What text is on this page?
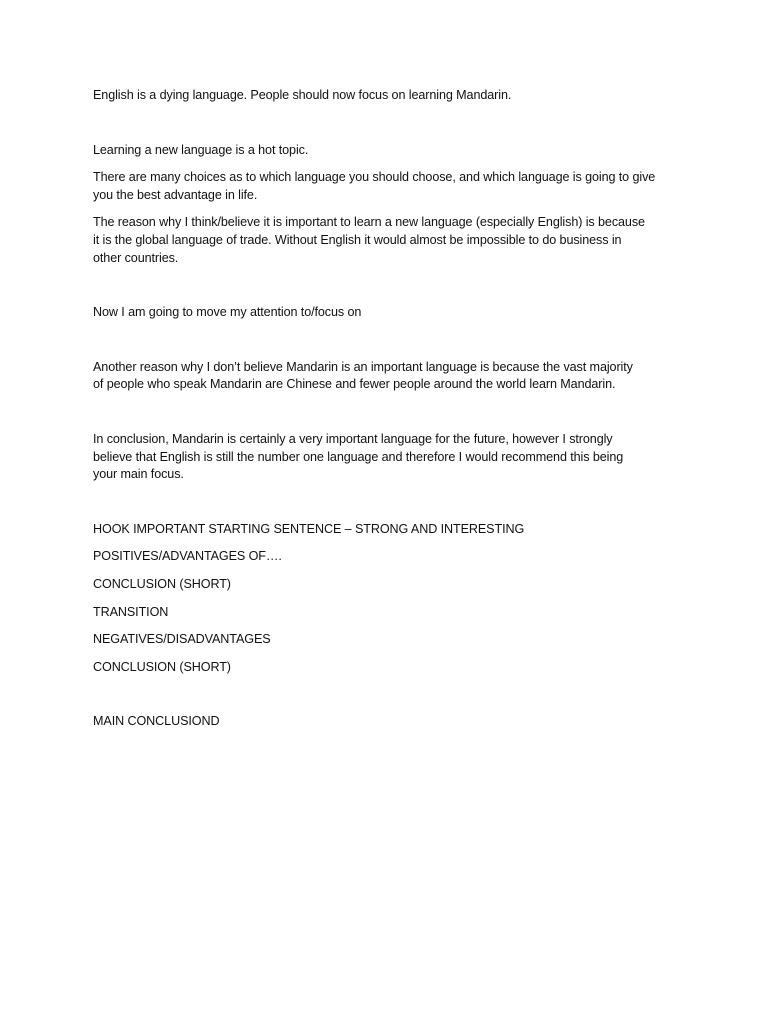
English is a dying language. People should now focus on learning Mandarin.

Learning a new language is a hot topic.

There are many choices as to which language you should choose, and which language is going to give
you the best advantage in life.

The reason why I think/believe it is important to learn a new language (especially English) is because
it is the global language of trade. Without English it would almost be impossible to do business in
other countries.

Now I am going to move my attention to/focus on

Another reason why I don’t believe Mandarin is an important language is because the vast majority
of people who speak Mandarin are Chinese and fewer people around the world learn Mandarin.

In conclusion, Mandarin is certainly a very important language for the future, however I strongly
believe that English is still the number one language and therefore I would recommend this being
your main focus.

HOOK IMPORTANT STARTING SENTENCE – STRONG AND INTERESTING

POSITIVES/ADVANTAGES OF….

CONCLUSION (SHORT)

TRANSITION

NEGATIVES/DISADVANTAGES

CONCLUSION (SHORT)

MAIN CONCLUSIOND
